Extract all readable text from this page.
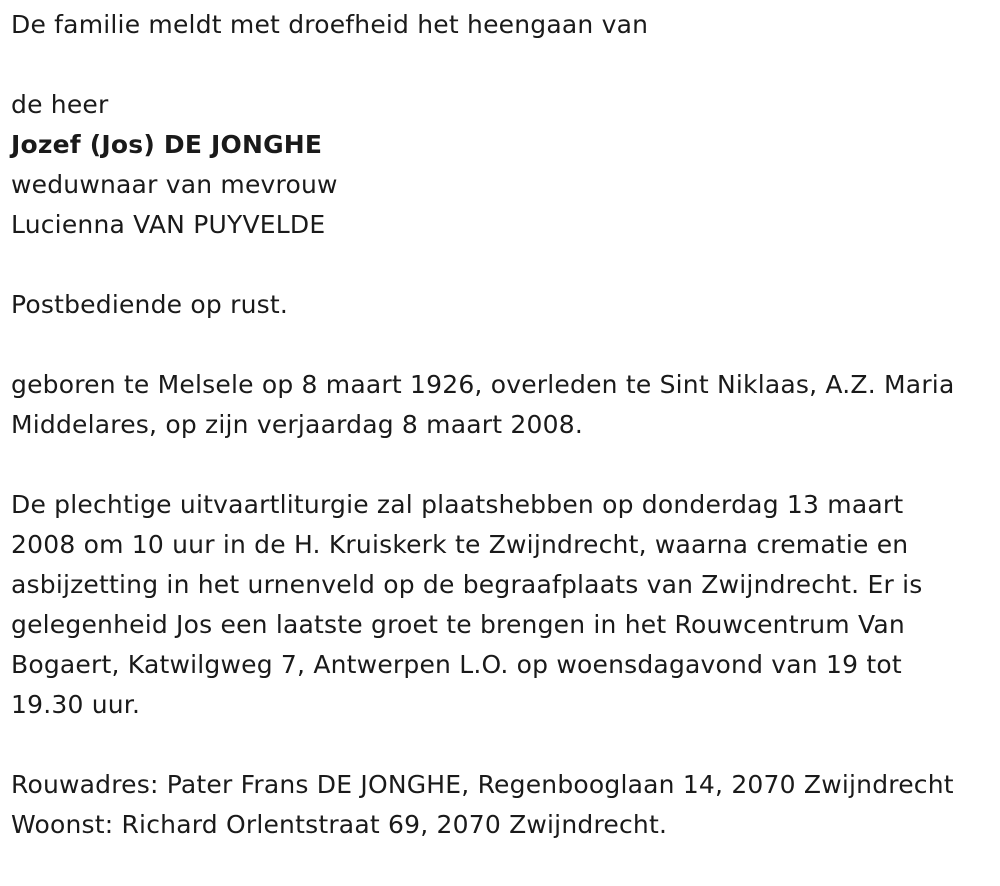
De familie meldt met droefheid het heengaan van
de heer
Jozef (Jos) DE JONGHE
weduwnaar van mevrouw
Lucienna VAN PUYVELDE
Postbediende op rust.
geboren te Melsele op 8 maart 1926, overleden te Sint Niklaas, A.Z. Maria
Middelares, op zijn verjaardag 8 maart 2008.
De plechtige uitvaartliturgie zal plaatshebben op donderdag 13 maart
2008 om 10 uur in de H. Kruiskerk te Zwijndrecht, waarna crematie en
asbijzetting in het urnenveld op de begraafplaats van Zwijndrecht. Er is
gelegenheid Jos een laatste groet te brengen in het Rouwcentrum Van
Bogaert, Katwilgweg 7, Antwerpen L.O. op woensdagavond van 19 tot
19.30 uur.
Rouwadres: Pater Frans DE JONGHE, Regenbooglaan 14, 2070 Zwijndrecht
Woonst: Richard Orlentstraat 69, 2070 Zwijndrecht.
